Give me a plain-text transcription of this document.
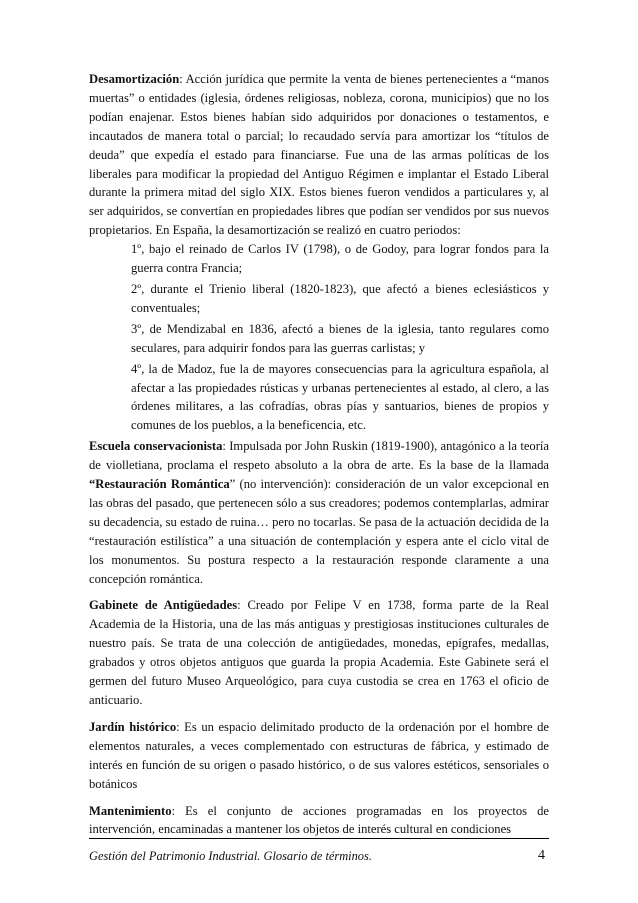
Desamortización: Acción jurídica que permite la venta de bienes pertenecientes a “manos muertas” o entidades (iglesia, órdenes religiosas, nobleza, corona, municipios) que no los podían enajenar. Estos bienes habían sido adquiridos por donaciones o testamentos, e incautados de manera total o parcial; lo recaudado servía para amortizar los “títulos de deuda” que expedía el estado para financiarse. Fue una de las armas políticas de los liberales para modificar la propiedad del Antiguo Régimen e implantar el Estado Liberal durante la primera mitad del siglo XIX. Estos bienes fueron vendidos a particulares y, al ser adquiridos, se convertían en propiedades libres que podían ser vendidos por sus nuevos propietarios. En España, la desamortización se realizó en cuatro periodos:

1º, bajo el reinado de Carlos IV (1798), o de Godoy, para lograr fondos para la guerra contra Francia;

2º, durante el Trienio liberal (1820-1823), que afectó a bienes eclesiásticos y conventuales;

3º, de Mendizabal en 1836, afectó a bienes de la iglesia, tanto regulares como seculares, para adquirir fondos para las guerras carlistas; y

4º, la de Madoz, fue la de mayores consecuencias para la agricultura española, al afectar a las propiedades rústicas y urbanas pertenecientes al estado, al clero, a las órdenes militares, a las cofradías, obras pías y santuarios, bienes de propios y comunes de los pueblos, a la beneficencia, etc.

Escuela conservacionista: Impulsada por John Ruskin (1819-1900), antagónico a la teoría de violletiana, proclama el respeto absoluto a la obra de arte. Es la base de la llamada “Restauración Romántica” (no intervención): consideración de un valor excepcional en las obras del pasado, que pertenecen sólo a sus creadores; podemos contemplarlas, admirar su decadencia, su estado de ruina… pero no tocarlas. Se pasa de la actuación decidida de la “restauración estilística” a una situación de contemplación y espera ante el ciclo vital de los monumentos. Su postura respecto a la restauración responde claramente a una concepción romántica.

Gabinete de Antigüedades: Creado por Felipe V en 1738, forma parte de la Real Academia de la Historia, una de las más antiguas y prestigiosas instituciones culturales de nuestro país. Se trata de una colección de antigüedades, monedas, epígrafes, medallas, grabados y otros objetos antiguos que guarda la propia Academia. Este Gabinete será el germen del futuro Museo Arqueológico, para cuya custodia se crea en 1763 el oficio de anticuario.

Jardín histórico: Es un espacio delimitado producto de la ordenación por el hombre de elementos naturales, a veces complementado con estructuras de fábrica, y estimado de interés en función de su origen o pasado histórico, o de sus valores estéticos, sensoriales o botánicos

Mantenimiento: Es el conjunto de acciones programadas en los proyectos de intervención, encaminadas a mantener los objetos de interés cultural en condiciones

Gestión del Patrimonio Industrial. Glosario de términos.	4
